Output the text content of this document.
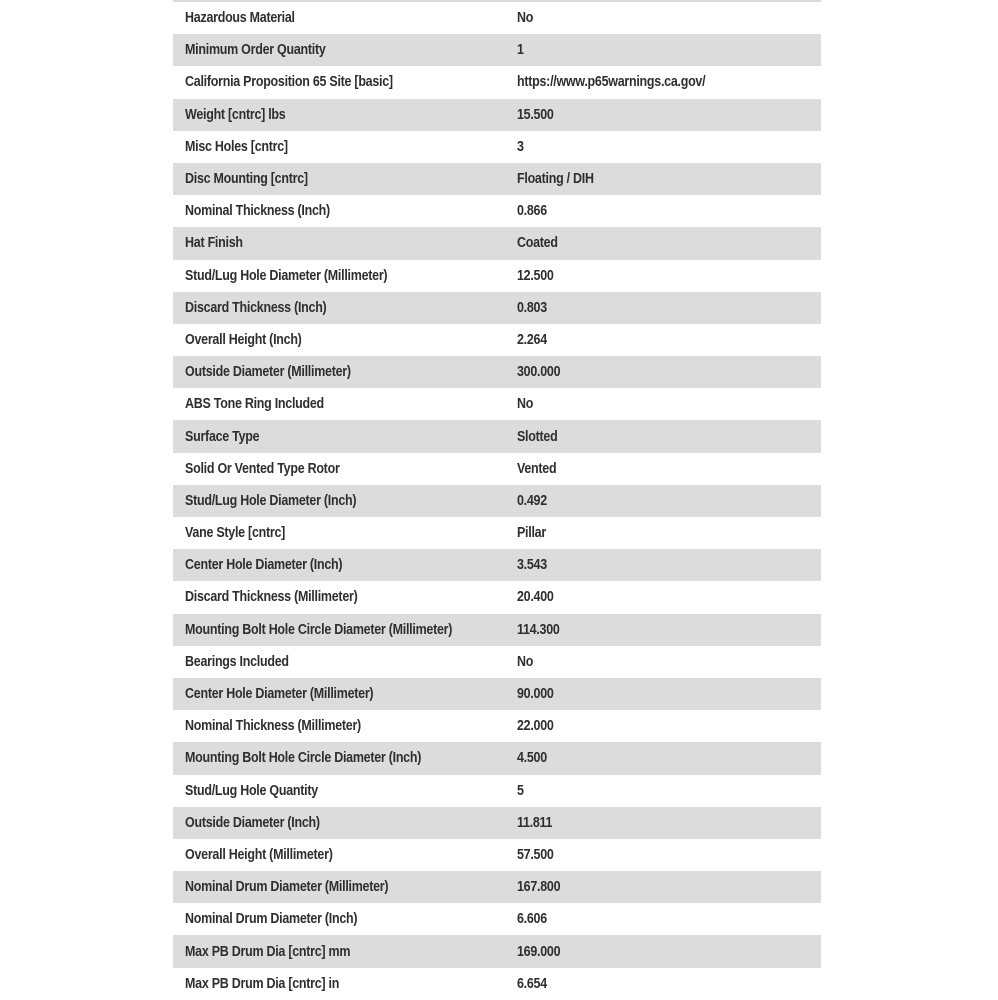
Hazardous Material	No
Minimum Order Quantity	1
California Proposition 65 Site [basic]	https://www.p65warnings.ca.gov/
Weight [cntrc] lbs	15.500
Misc Holes [cntrc]	3
Disc Mounting [cntrc]	Floating / DIH
Nominal Thickness (Inch)	0.866
Hat Finish	Coated
Stud/Lug Hole Diameter (Millimeter)	12.500
Discard Thickness (Inch)	0.803
Overall Height (Inch)	2.264
Outside Diameter (Millimeter)	300.000
ABS Tone Ring Included	No
Surface Type	Slotted
Solid Or Vented Type Rotor	Vented
Stud/Lug Hole Diameter (Inch)	0.492
Vane Style [cntrc]	Pillar
Center Hole Diameter (Inch)	3.543
Discard Thickness (Millimeter)	20.400
Mounting Bolt Hole Circle Diameter (Millimeter)	114.300
Bearings Included	No
Center Hole Diameter (Millimeter)	90.000
Nominal Thickness (Millimeter)	22.000
Mounting Bolt Hole Circle Diameter (Inch)	4.500
Stud/Lug Hole Quantity	5
Outside Diameter (Inch)	11.811
Overall Height (Millimeter)	57.500
Nominal Drum Diameter (Millimeter)	167.800
Nominal Drum Diameter (Inch)	6.606
Max PB Drum Dia [cntrc] mm	169.000
Max PB Drum Dia [cntrc] in	6.654
